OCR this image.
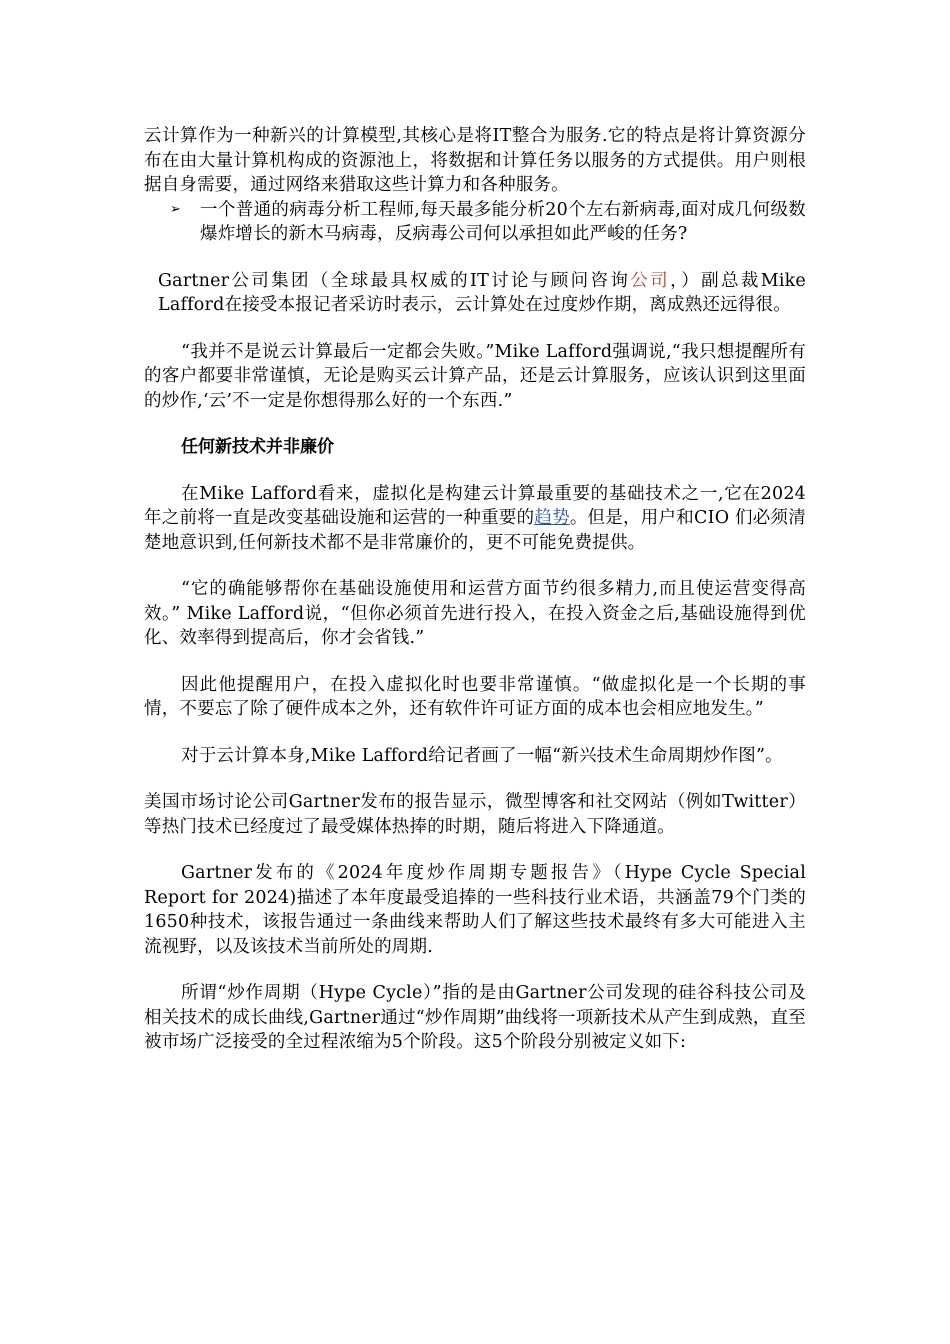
云计算作为一种新兴的计算模型,其核心是将IT整合为服务.它的特点是将计算资源分布在由大量计算机构成的资源池上，将数据和计算任务以服务的方式提供。用户则根据自身需要，通过网络来猎取这些计算力和各种服务。

➢	一个普通的病毒分析工程师,每天最多能分析20个左右新病毒,面对成几何级数爆炸增长的新木马病毒，反病毒公司何以承担如此严峻的任务?

Gartner公司集团（全球最具权威的IT讨论与顾问咨询公司，）副总裁Mike Lafford在接受本报记者采访时表示，云计算处在过度炒作期，离成熟还远得很。

“我并不是说云计算最后一定都会失败。”Mike Lafford强调说,“我只想提醒所有的客户都要非常谨慎，无论是购买云计算产品，还是云计算服务，应该认识到这里面的炒作,‘云’不一定是你想得那么好的一个东西.”

任何新技术并非廉价

在Mike Lafford看来，虚拟化是构建云计算最重要的基础技术之一,它在2024年之前将一直是改变基础设施和运营的一种重要的趋势。但是，用户和CIO 们必须清楚地意识到,任何新技术都不是非常廉价的，更不可能免费提供。

“它的确能够帮你在基础设施使用和运营方面节约很多精力,而且使运营变得高效。” Mike Lafford说，“但你必须首先进行投入，在投入资金之后,基础设施得到优化、效率得到提高后，你才会省钱.”

因此他提醒用户，在投入虚拟化时也要非常谨慎。“做虚拟化是一个长期的事情，不要忘了除了硬件成本之外，还有软件许可证方面的成本也会相应地发生。”

对于云计算本身,Mike Lafford给记者画了一幅“新兴技术生命周期炒作图”。

美国市场讨论公司Gartner发布的报告显示，微型博客和社交网站（例如Twitter）等热门技术已经度过了最受媒体热捧的时期，随后将进入下降通道。

Gartner发布的《2024年度炒作周期专题报告》（Hype Cycle Special Report for 2024)描述了本年度最受追捧的一些科技行业术语，共涵盖79个门类的1650种技术，该报告通过一条曲线来帮助人们了解这些技术最终有多大可能进入主流视野，以及该技术当前所处的周期.

所谓“炒作周期（Hype Cycle）”指的是由Gartner公司发现的硅谷科技公司及相关技术的成长曲线,Gartner通过“炒作周期”曲线将一项新技术从产生到成熟，直至被市场广泛接受的全过程浓缩为5个阶段。这5个阶段分别被定义如下:
